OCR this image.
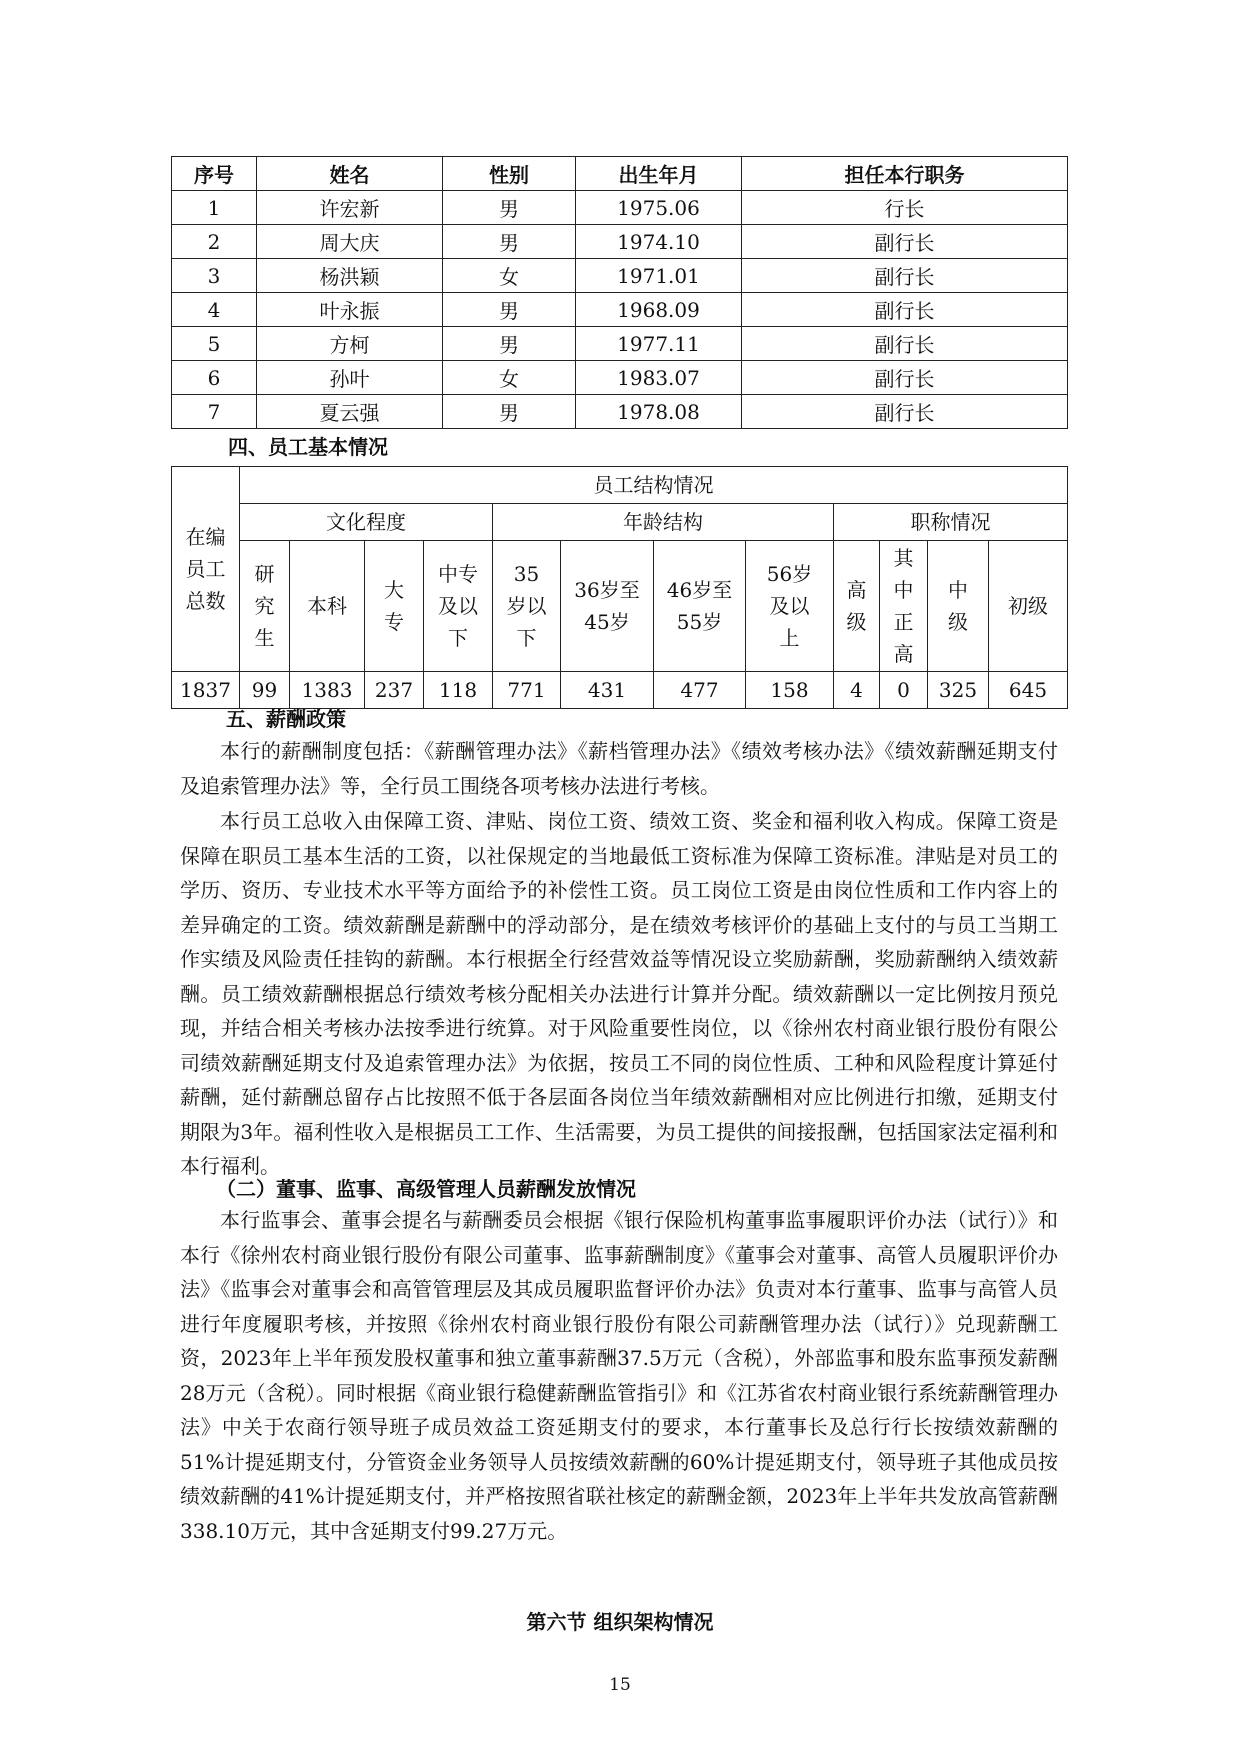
序号	姓名	性别	出生年月	担任本行职务
1	许宏新	男	1975.06	行长
2	周大庆	男	1974.10	副行长
3	杨洪颖	女	1971.01	副行长
4	叶永振	男	1968.09	副行长
5	方柯	男	1977.11	副行长
6	孙叶	女	1983.07	副行长
7	夏云强	男	1978.08	副行长
四、员工基本情况
在编员工总数	员工结构情况											
	文化程度				年龄结构				职称情况			
	研究生	本科	大专	中专及以下	35岁以下	36岁至45岁	46岁至55岁	56岁及以上	高级	其中正高	中级	初级
1837	99	1383	237	118	771	431	477	158	4	0	325	645
五、薪酬政策

本行的薪酬制度包括：《薪酬管理办法》《薪档管理办法》《绩效考核办法》《绩效薪酬延期支付及追索管理办法》等，全行员工围绕各项考核办法进行考核。

本行员工总收入由保障工资、津贴、岗位工资、绩效工资、奖金和福利收入构成。保障工资是保障在职员工基本生活的工资，以社保规定的当地最低工资标准为保障工资标准。津贴是对员工的学历、资历、专业技术水平等方面给予的补偿性工资。员工岗位工资是由岗位性质和工作内容上的差异确定的工资。绩效薪酬是薪酬中的浮动部分，是在绩效考核评价的基础上支付的与员工当期工作实绩及风险责任挂钩的薪酬。本行根据全行经营效益等情况设立奖励薪酬，奖励薪酬纳入绩效薪酬。员工绩效薪酬根据总行绩效考核分配相关办法进行计算并分配。绩效薪酬以一定比例按月预兑现，并结合相关考核办法按季进行统算。对于风险重要性岗位，以《徐州农村商业银行股份有限公司绩效薪酬延期支付及追索管理办法》为依据，按员工不同的岗位性质、工种和风险程度计算延付薪酬，延付薪酬总留存占比按照不低于各层面各岗位当年绩效薪酬相对应比例进行扣缴，延期支付期限为3年。福利性收入是根据员工工作、生活需要，为员工提供的间接报酬，包括国家法定福利和本行福利。

（二）董事、监事、高级管理人员薪酬发放情况

本行监事会、董事会提名与薪酬委员会根据《银行保险机构董事监事履职评价办法（试行）》和本行《徐州农村商业银行股份有限公司董事、监事薪酬制度》《董事会对董事、高管人员履职评价办法》《监事会对董事会和高管管理层及其成员履职监督评价办法》负责对本行董事、监事与高管人员进行年度履职考核，并按照《徐州农村商业银行股份有限公司薪酬管理办法（试行）》兑现薪酬工资，2023年上半年预发股权董事和独立董事薪酬37.5万元（含税），外部监事和股东监事预发薪酬28万元（含税）。同时根据《商业银行稳健薪酬监管指引》和《江苏省农村商业银行系统薪酬管理办法》中关于农商行领导班子成员效益工资延期支付的要求，本行董事长及总行行长按绩效薪酬的51%计提延期支付，分管资金业务领导人员按绩效薪酬的60%计提延期支付，领导班子其他成员按绩效薪酬的41%计提延期支付，并严格按照省联社核定的薪酬金额，2023年上半年共发放高管薪酬338.10万元，其中含延期支付99.27万元。

第六节 组织架构情况
15
